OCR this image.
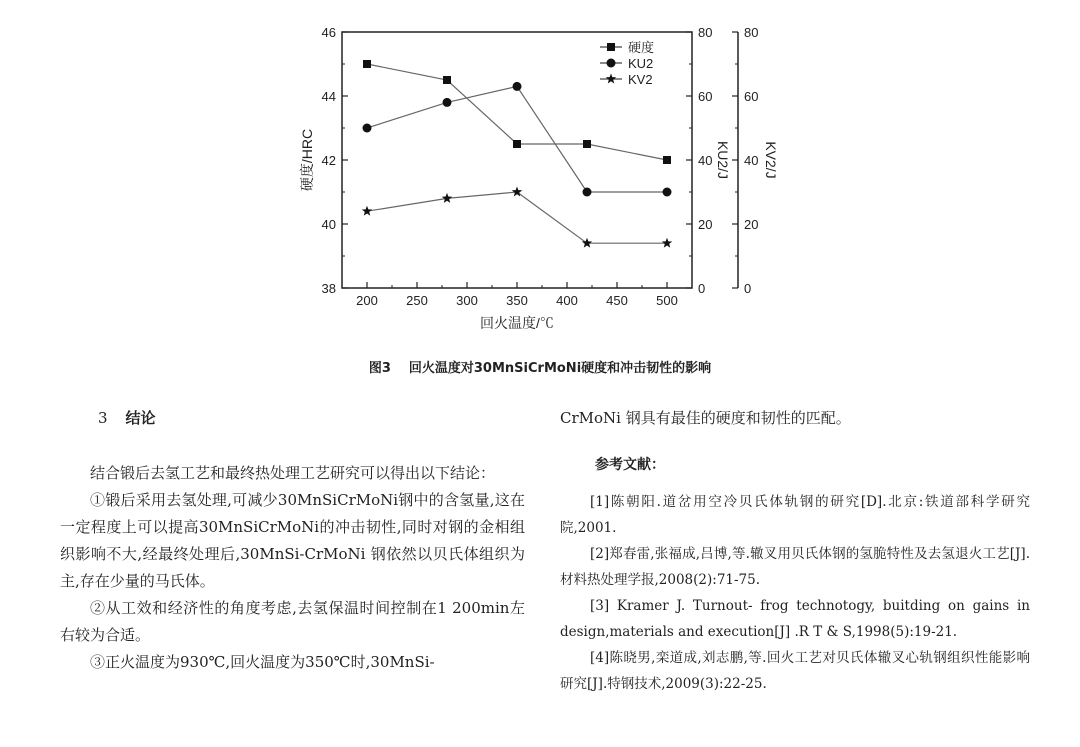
200 250 300 350 400 450 500
38
40
42
44
46
0
20
40
60
80
0
20
40
60
80
硬度
KU2
KV2
回火温度/℃
硬度/HRC	KU2/J KV2/J
图3 回火温度对30MnSiCrMoNi硬度和冲击韧性的影响
3 结论

结合锻后去氢工艺和最终热处理工艺研究可以得出以下结论：

①锻后采用去氢处理,可减少30MnSiCrMoNi钢中的含氢量,这在一定程度上可以提高30MnSiCrMoNi的冲击韧性,同时对钢的金相组织影响不大,经最终处理后,30MnSi-CrMoNi 钢依然以贝氏体组织为主,存在少量的马氏体。

②从工效和经济性的角度考虑,去氢保温时间控制在1 200min左右较为合适。

③正火温度为930℃,回火温度为350℃时,30MnSi-

CrMoNi 钢具有最佳的硬度和韧性的匹配。

参考文献：

[1]陈朝阳.道岔用空冷贝氏体轨钢的研究[D].北京:铁道部科学研究院,2001.

[2]郑春雷,张福成,吕博,等.辙叉用贝氏体钢的氢脆特性及去氢退火工艺[J].材料热处理学报,2008(2):71-75.

[3] Kramer J. Turnout- frog technotogy, buitding on gains in design,materials and execution[J] .R T & S,1998(5):19-21.

[4]陈晓男,栾道成,刘志鹏,等.回火工艺对贝氏体辙叉心轨钢组织性能影响研究[J].特钢技术,2009(3):22-25.
